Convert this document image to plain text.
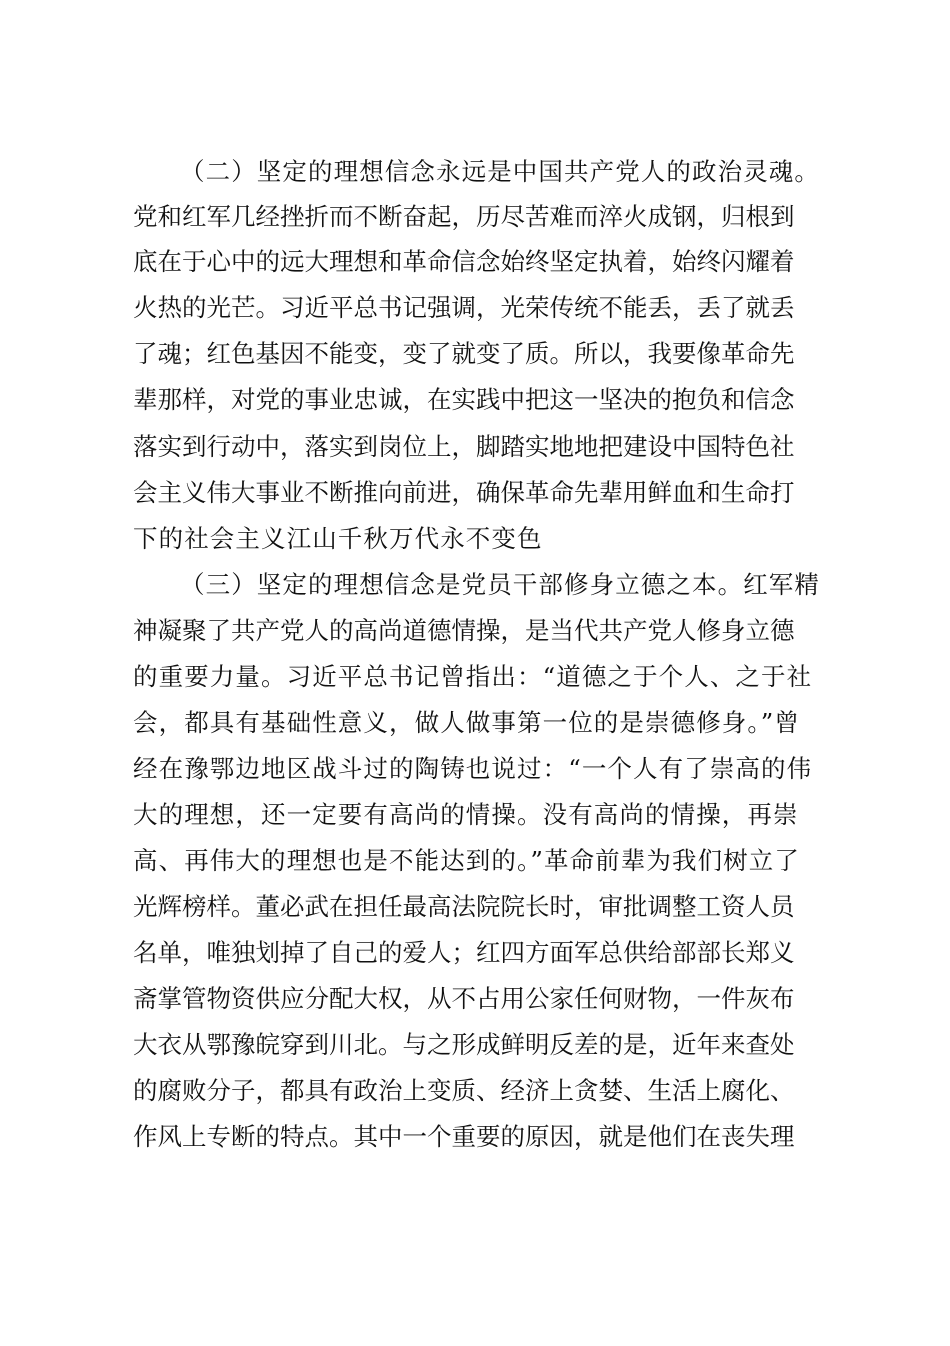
（二）坚定的理想信念永远是中国共产党人的政治灵魂。
党和红军几经挫折而不断奋起，历尽苦难而淬火成钢，归根到
底在于心中的远大理想和革命信念始终坚定执着，始终闪耀着
火热的光芒。习近平总书记强调，光荣传统不能丢，丢了就丢
了魂；红色基因不能变，变了就变了质。所以，我要像革命先
辈那样，对党的事业忠诚，在实践中把这一坚决的抱负和信念
落实到行动中，落实到岗位上，脚踏实地地把建设中国特色社
会主义伟大事业不断推向前进，确保革命先辈用鲜血和生命打
下的社会主义江山千秋万代永不变色
（三）坚定的理想信念是党员干部修身立德之本。红军精
神凝聚了共产党人的高尚道德情操，是当代共产党人修身立德
的重要力量。习近平总书记曾指出：“道德之于个人、之于社
会，都具有基础性意义，做人做事第一位的是崇德修身。”曾
经在豫鄂边地区战斗过的陶铸也说过：“一个人有了崇高的伟
大的理想，还一定要有高尚的情操。没有高尚的情操，再崇
高、再伟大的理想也是不能达到的。”革命前辈为我们树立了
光辉榜样。董必武在担任最高法院院长时，审批调整工资人员
名单，唯独划掉了自己的爱人；红四方面军总供给部部长郑义
斋掌管物资供应分配大权，从不占用公家任何财物，一件灰布
大衣从鄂豫皖穿到川北。与之形成鲜明反差的是，近年来查处
的腐败分子，都具有政治上变质、经济上贪婪、生活上腐化、
作风上专断的特点。其中一个重要的原因，就是他们在丧失理
